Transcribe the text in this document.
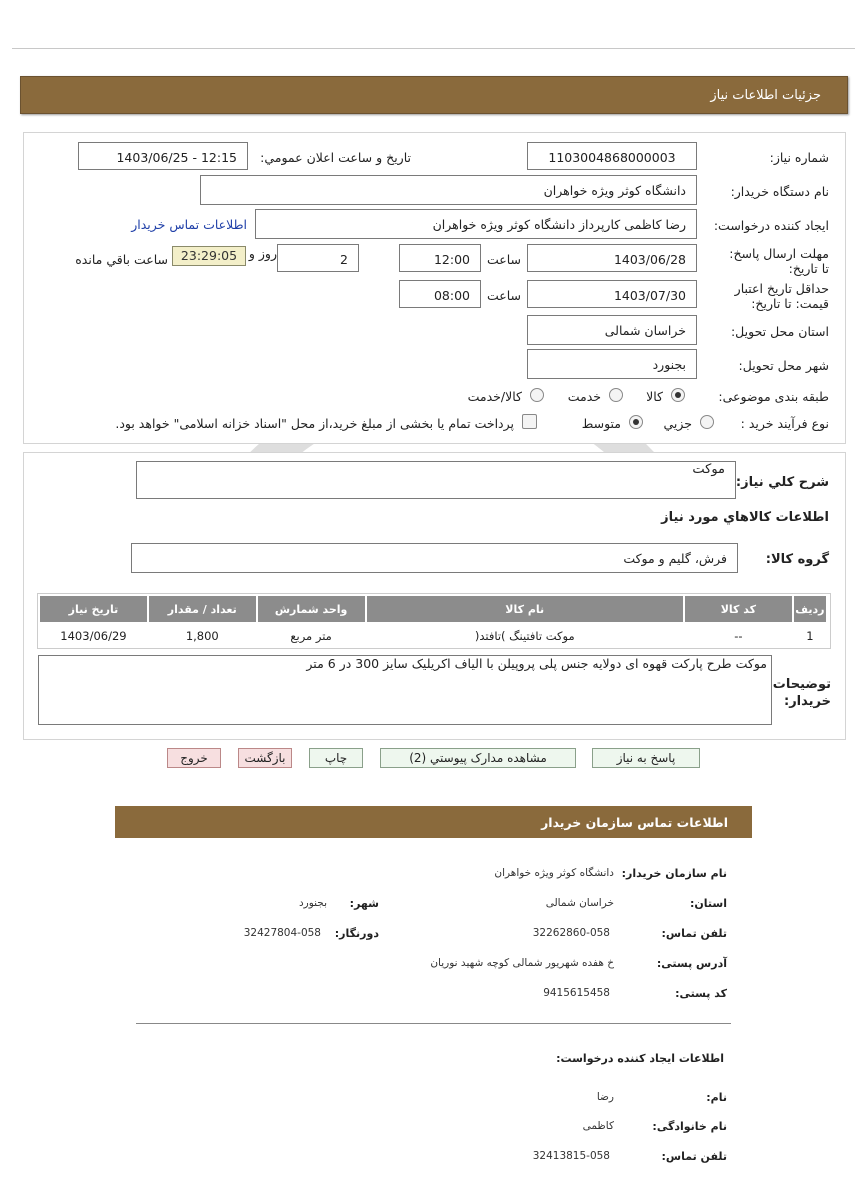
جزئیات اطلاعات نیاز
شماره نیاز:
1103004868000003
تاریخ و ساعت اعلان عمومي:
1403/06/25 - 12:15
نام دستگاه خریدار:
دانشگاه کوثر ویژه خواهران
ایجاد کننده درخواست:
رضا کاظمی کارپرداز دانشگاه کوثر ویژه خواهران
اطلاعات تماس خریدار
مهلت ارسال پاسخ: تا تاریخ:
1403/06/28
ساعت
12:00
2
روز و
23:29:05
ساعت باقي مانده
حداقل تاریخ اعتبار قیمت: تا تاریخ:
1403/07/30
ساعت
08:00
استان محل تحویل:
خراسان شمالی
شهر محل تحویل:
بجنورد
طبقه بندی موضوعی:
کالا
خدمت
کالا/خدمت
نوع فرآیند خرید :
جزیي
متوسط
پرداخت تمام یا بخشی از مبلغ خرید،از محل "اسناد خزانه اسلامی" خواهد بود.
شرح كلي نياز:
موکت
اطلاعات كالاهاي مورد نياز
گروه کالا:
فرش، گلیم و موکت
رديف	کد کالا	نام کالا	واحد شمارش	تعداد / مقدار	تاریخ نیاز
1	--	موکت تافتینگ )تافتد(	متر مربع	1,800	1403/06/29
توضیحات خریدار:
موکت طرح پارکت قهوه ای دولایه جنس پلی پروپیلن با الیاف اکریلیک سایز 300 در 6 متر
پاسخ به نیاز
مشاهده مدارک پیوستي (2)
چاپ
بازگشت
خروج
اطلاعات تماس سازمان خریدار
نام سازمان خریدار:
دانشگاه کوثر ویژه خواهران
استان:
خراسان شمالی
شهر:
بجنورد
تلفن تماس:
32262860-058
دورنگار:
32427804-058
آدرس پستی:
خ هفده شهریور شمالی کوچه شهید نوریان
کد پستی:
9415615458
اطلاعات ایجاد کننده درخواست:
نام:
رضا
نام خانوادگی:
کاظمی
تلفن تماس:
32413815-058
